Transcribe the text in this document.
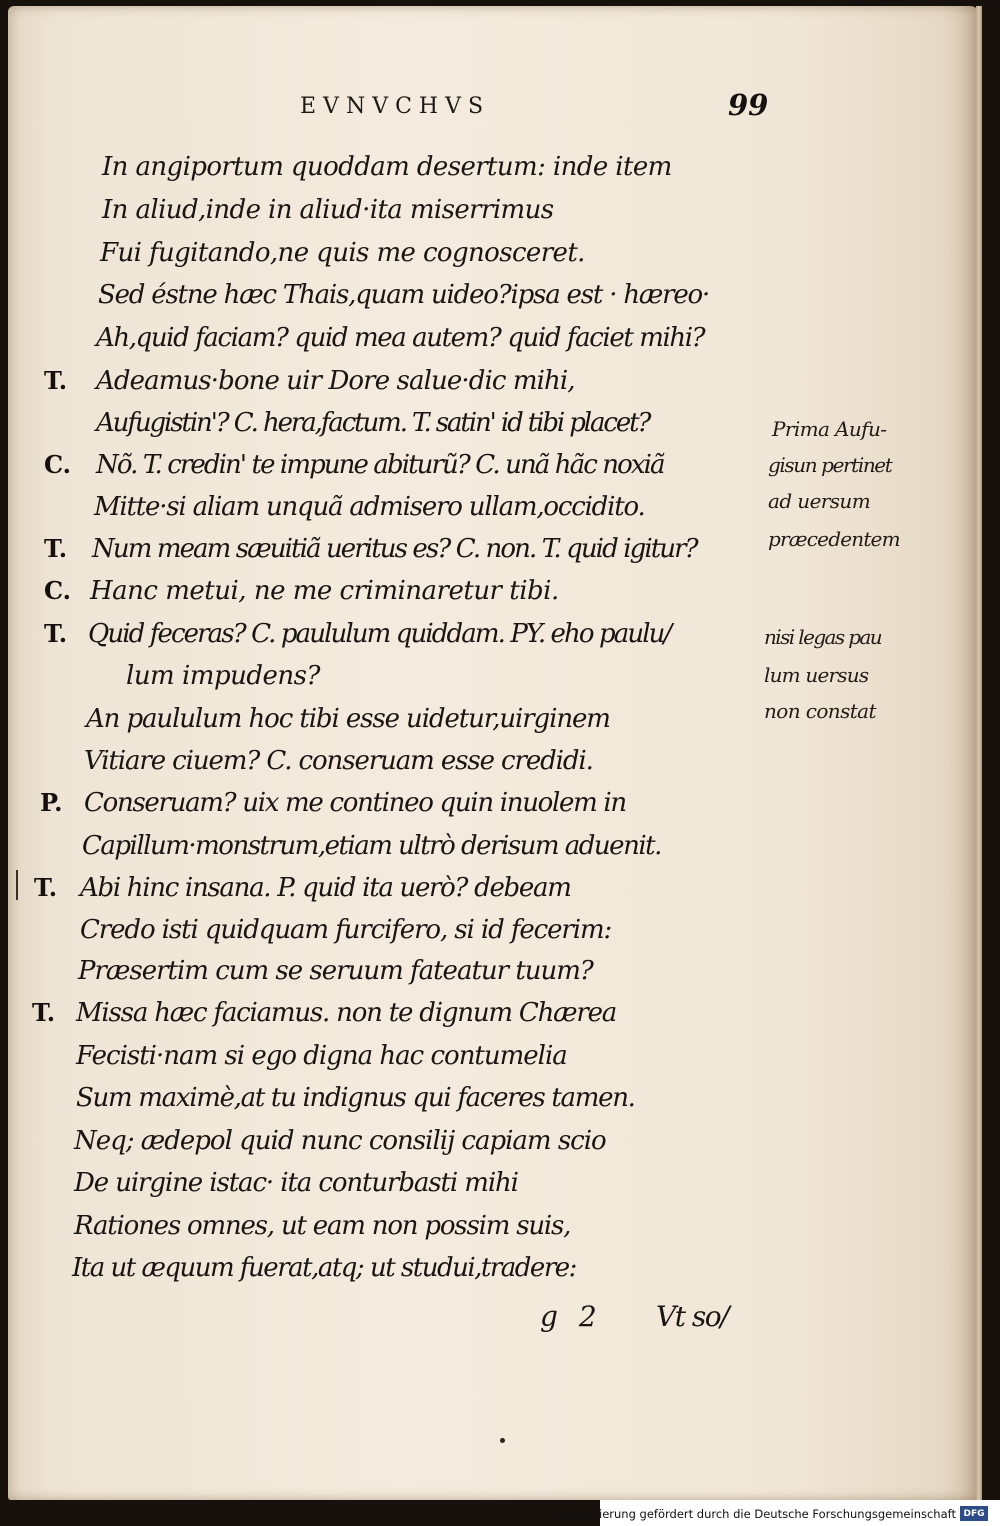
EVNVCHVS	99
T.
C.
T.
C.
T.
P.
T.
T.
In angiportum quoddam desertum: inde item
In aliud,inde in aliud·ita miserrimus
Fui fugitando,ne quis me cognosceret.
Sed éstne hæc Thais,quam uideo?ipsa est · hæreo·
Ah,quid faciam? quid mea autem? quid faciet mihi?
Adeamus·bone uir Dore salue·dic mihi,
Aufugistin'? C. hera,factum. T. satin' id tibi placet?
Nõ. T. credin' te impune abiturũ? C. unã hãc noxiã
Mitte·si aliam unquã admisero ullam,occidito.
Num meam sæuitiã ueritus es? C. non. T. quid igitur?
Hanc metui, ne me criminaretur tibi.
Quid feceras? C. paululum quiddam. PY. eho paulu/
lum impudens?
An paululum hoc tibi esse uidetur,uirginem
Vitiare ciuem? C. conseruam esse credidi.
Conseruam? uix me contineo quin inuolem in
Capillum·monstrum,etiam ultrò derisum aduenit.
Abi hinc insana. P. quid ita uerò? debeam
Credo isti quidquam furcifero, si id fecerim:
Præsertim cum se seruum fateatur tuum?
Missa hæc faciamus. non te dignum Chærea
Fecisti·nam si ego digna hac contumelia
Sum maximè,at tu indignus qui faceres tamen.
Neq; ædepol quid nunc consilij capiam scio
De uirgine istac· ita conturbasti mihi
Rationes omnes, ut eam non possim suis,
Ita ut æquum fuerat,atq; ut studui,tradere:
Prima Aufu-
gisun pertinet
ad uersum
præcedentem
nisi legas pau
lum uersus
non constat
g 2 Vt so/
Digitalisierung gefördert durch die Deutsche Forschungsgemeinschaft DFG
